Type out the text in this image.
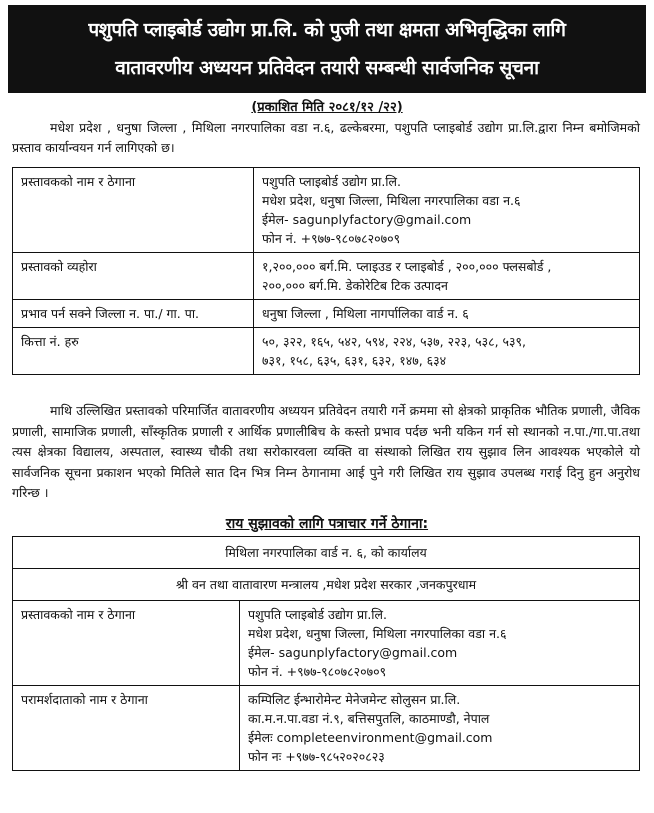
पशुपति प्लाइबोर्ड उद्योग प्रा.लि. को पुजी तथा क्षमता अभिवृद्धिका लागि
वातावरणीय अध्ययन प्रतिवेदन तयारी सम्बन्धी सार्वजनिक सूचना
(प्रकाशित मिति २०८१/१२ /२२)

मधेश प्रदेश , धनुषा जिल्ला , मिथिला नगरपालिका वडा न.६, ढल्केबरमा, पशुपति प्लाइबोर्ड उद्योग प्रा.लि.द्वारा निम्न बमोजिमको प्रस्ताव कार्यान्वयन गर्न लागिएको छ।

प्रस्तावकको नाम र ठेगाना	पशुपति प्लाइबोर्ड उद्योग प्रा.लि.
मधेश प्रदेश, धनुषा जिल्ला, मिथिला नगरपालिका वडा न.६
ईमेल- sagunplyfactory@gmail.com
फोन नं. +९७७-९८०७८२०७०९

प्रस्तावको व्यहोरा	१,२००,००० बर्ग.मि. प्लाइउड र प्लाइबोर्ड , २००,००० फ्लसबोर्ड ,
२००,००० बर्ग.मि. डेकोरेटिब टिक उत्पादन

प्रभाव पर्न सक्ने जिल्ला न. पा./ गा. पा.	धनुषा जिल्ला , मिथिला नागर्पालिका वार्ड न. ६
कित्ता नं. हरु	५०, ३२२, १६५, ५४२, ५९४, २२४, ५३७, २२३, ५३८, ५३९,
७३१, १५८, ६३५, ६३१, ६३२, १४७, ६३४

माथि उल्लिखित प्रस्तावको परिमार्जित वातावरणीय अध्ययन प्रतिवेदन तयारी गर्ने क्रममा सो क्षेत्रको प्राकृतिक भौतिक प्रणाली, जैविक प्रणाली, सामाजिक प्रणाली, साँस्कृतिक प्रणाली र आर्थिक प्रणालीबिच के कस्तो प्रभाव पर्दछ भनी यकिन गर्न सो स्थानको न.पा./गा.पा.तथा त्यस क्षेत्रका विद्यालय, अस्पताल, स्वास्थ्य चौकी तथा सरोकारवला व्यक्ति वा संस्थाको लिखित राय सुझाव लिन आवश्यक भएकोले यो सार्वजनिक सूचना प्रकाशन भएको मितिले सात दिन भित्र निम्न ठेगानामा आई पुने गरी लिखित राय सुझाव उपलब्ध गराई दिनु हुन अनुरोध गरिन्छ ।

राय सुझावको लागि पत्राचार गर्ने ठेगाना:
मिथिला नगरपालिका वार्ड न. ६, को कार्यालय	
श्री वन तथा वातावारण मन्त्रालय ,मधेश प्रदेश सरकार ,जनकपुरधाम	
प्रस्तावकको नाम र ठेगाना	पशुपति प्लाइबोर्ड उद्योग प्रा.लि.
मधेश प्रदेश, धनुषा जिल्ला, मिथिला नगरपालिका वडा न.६
ईमेल- sagunplyfactory@gmail.com
फोन नं. +९७७-९८०७८२०७०९

परामर्शदाताको नाम र ठेगाना	कम्पिलिट ईन्भारोमेन्ट मेनेजमेन्ट सोलुसन प्रा.लि.
का.म.न.पा.वडा नं.९, बत्तिसपुतलि, काठमाण्डौ, नेपाल
ईमेलः completeenvironment@gmail.com
फोन नः +९७७-९८५२०२०८२३
